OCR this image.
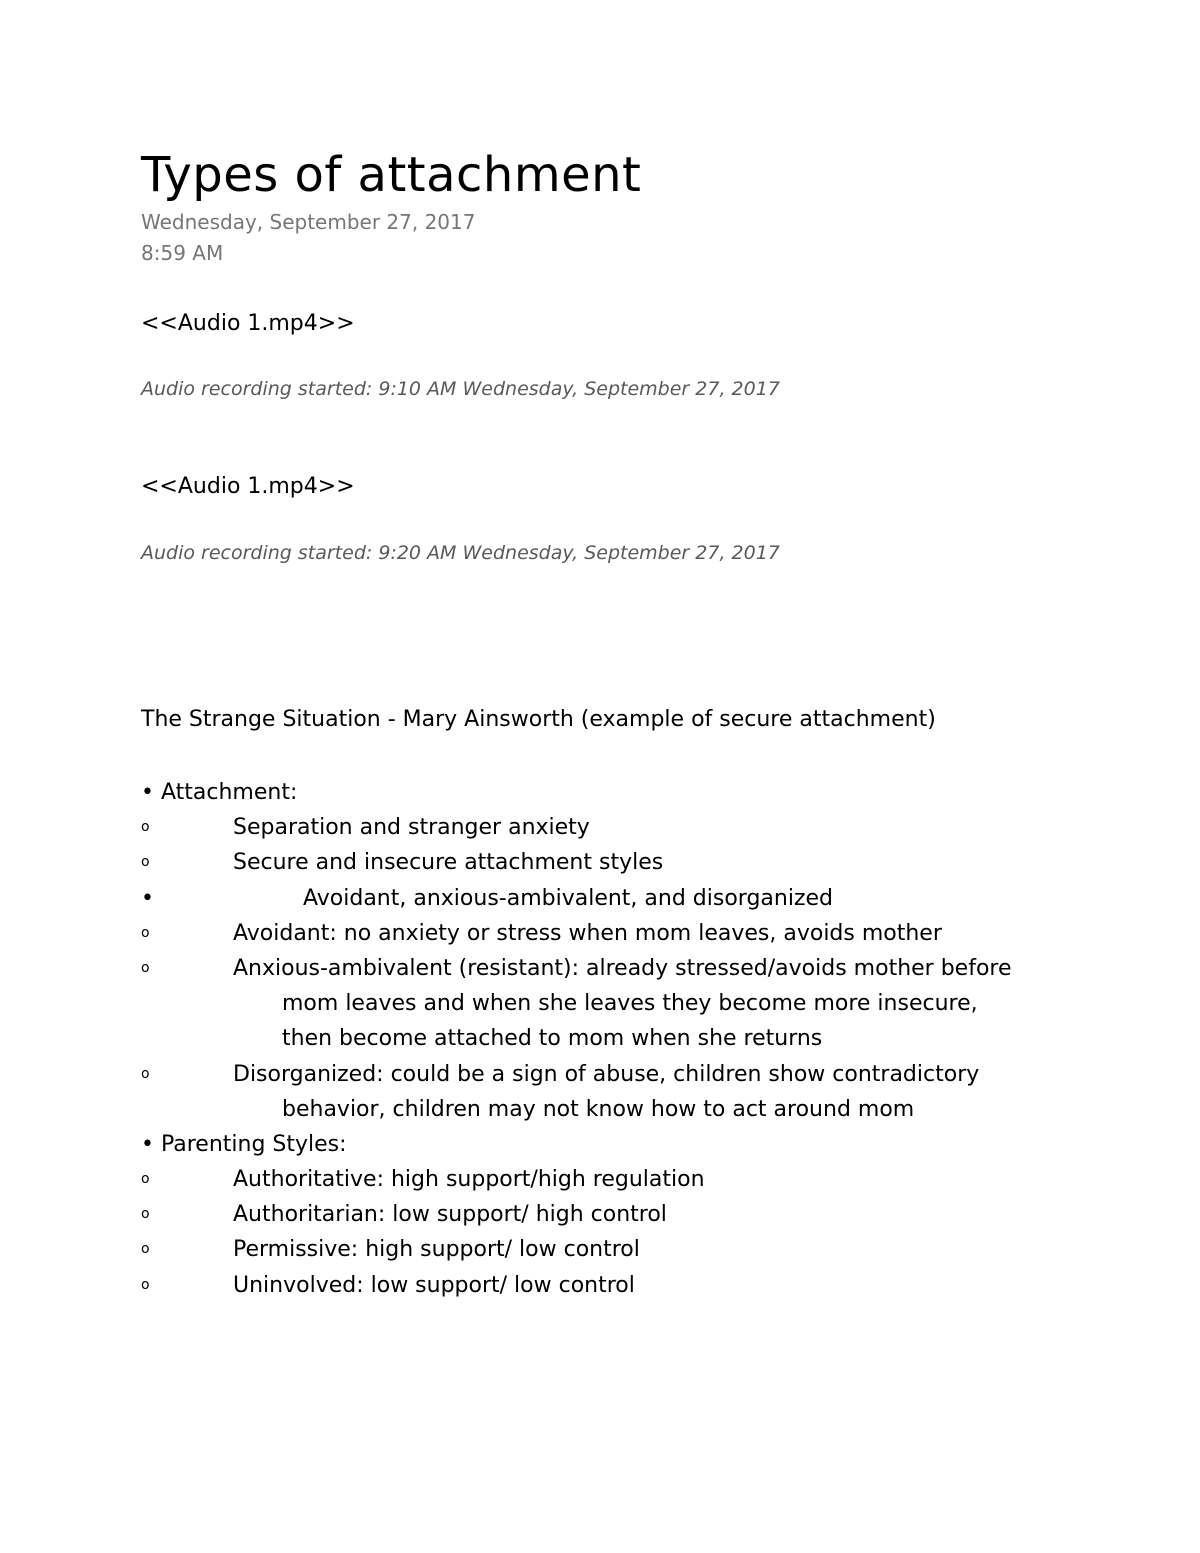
Types of attachment
Wednesday, September 27, 2017
8:59 AM
<<Audio 1.mp4>>
Audio recording started: 9:10 AM Wednesday, September 27, 2017
<<Audio 1.mp4>>
Audio recording started: 9:20 AM Wednesday, September 27, 2017
The Strange Situation - Mary Ainsworth (example of secure attachment)
• Attachment:
o	Separation and stranger anxiety
o	Secure and insecure attachment styles
•	Avoidant, anxious-ambivalent, and disorganized
o	Avoidant: no anxiety or stress when mom leaves, avoids mother
o	Anxious-ambivalent (resistant): already stressed/avoids mother before
mom leaves and when she leaves they become more insecure,
then become attached to mom when she returns
o	Disorganized: could be a sign of abuse, children show contradictory
behavior, children may not know how to act around mom
• Parenting Styles:
o	Authoritative: high support/high regulation
o	Authoritarian: low support/ high control
o	Permissive: high support/ low control
o	Uninvolved: low support/ low control
